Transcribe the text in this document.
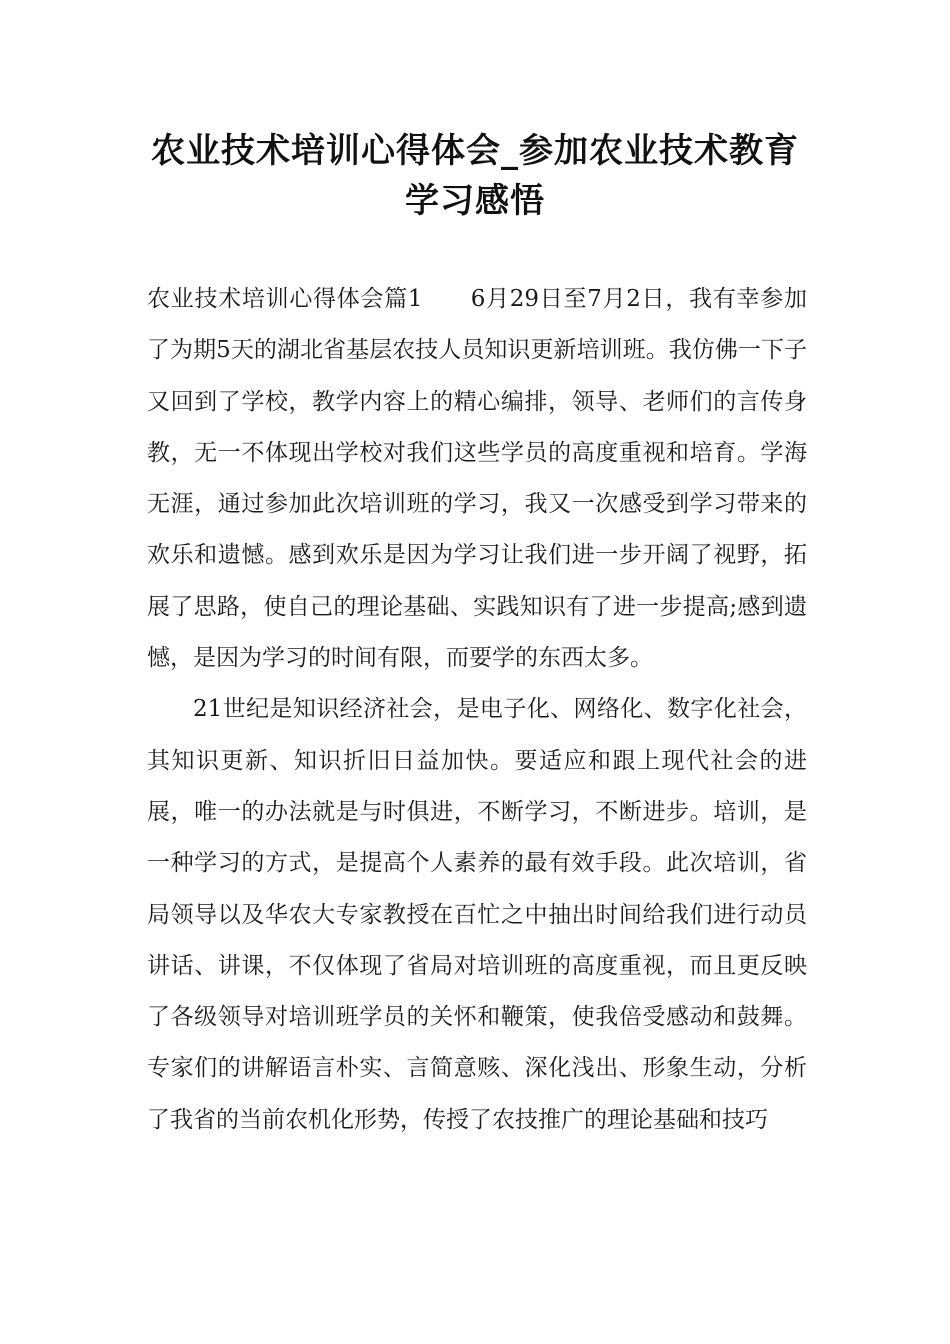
农业技术培训心得体会_参加农业技术教育
学习感悟

农业技术培训心得体会篇1　　6月29日至7月2日，我有幸参加了为期5天的湖北省基层农技人员知识更新培训班。我仿佛一下子又回到了学校，教学内容上的精心编排，领导、老师们的言传身教，无一不体现出学校对我们这些学员的高度重视和培育。学海无涯，通过参加此次培训班的学习，我又一次感受到学习带来的欢乐和遗憾。感到欢乐是因为学习让我们进一步开阔了视野，拓展了思路，使自己的理论基础、实践知识有了进一步提高;感到遗憾，是因为学习的时间有限，而要学的东西太多。

21世纪是知识经济社会，是电子化、网络化、数字化社会，其知识更新、知识折旧日益加快。要适应和跟上现代社会的进展，唯一的办法就是与时俱进，不断学习，不断进步。培训，是一种学习的方式，是提高个人素养的最有效手段。此次培训，省局领导以及华农大专家教授在百忙之中抽出时间给我们进行动员讲话、讲课，不仅体现了省局对培训班的高度重视，而且更反映了各级领导对培训班学员的关怀和鞭策，使我倍受感动和鼓舞。专家们的讲解语言朴实、言简意赅、深化浅出、形象生动，分析了我省的当前农机化形势，传授了农技推广的理论基础和技巧
